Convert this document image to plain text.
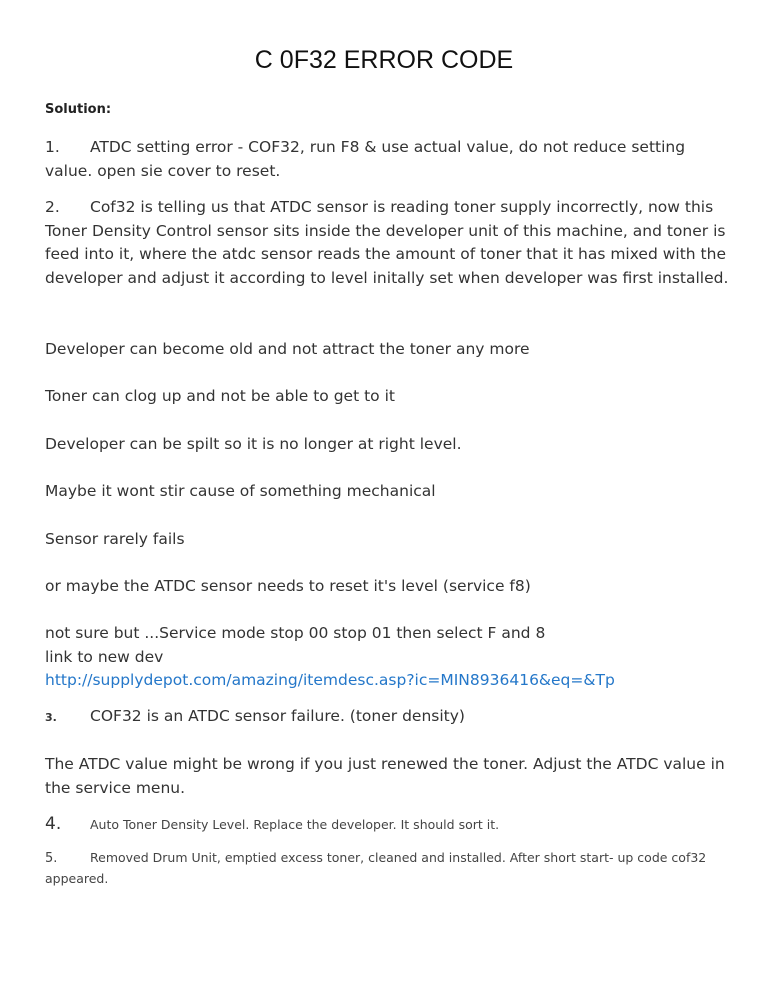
C 0F32 ERROR CODE
Solution:
1. ATDC setting error - COF32, run F8 & use actual value, do not reduce setting value. open sie cover to reset.
2. Cof32 is telling us that ATDC sensor is reading toner supply incorrectly, now this Toner Density Control sensor sits inside the developer unit of this machine, and toner is feed into it, where the atdc sensor reads the amount of toner that it has mixed with the developer and adjust it according to level initally set when developer was first installed.
Developer can become old and not attract the toner any more
Toner can clog up and not be able to get to it
Developer can be spilt so it is no longer at right level.
Maybe it wont stir cause of something mechanical
Sensor rarely fails
or maybe the ATDC sensor needs to reset it's level (service f8)
not sure but ...Service mode stop 00 stop 01 then select F and 8
link to new dev
http://supplydepot.com/amazing/itemdesc.asp?ic=MIN8936416&eq=&Tp
3. COF32 is an ATDC sensor failure. (toner density)
The ATDC value might be wrong if you just renewed the toner. Adjust the ATDC value in the service menu.
4. Auto Toner Density Level. Replace the developer. It should sort it.
5.	Removed Drum Unit, emptied excess toner, cleaned and installed. After short start- up code cof32 appeared.
